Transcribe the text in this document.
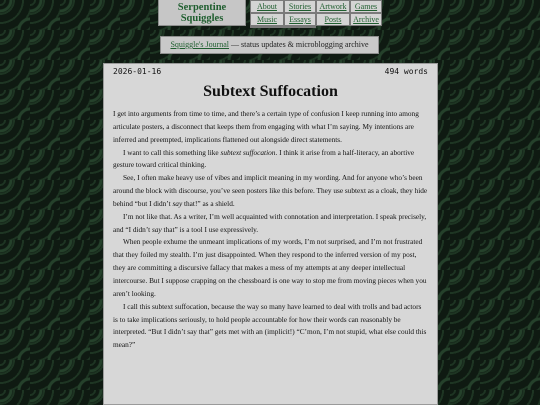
Serpentine
Squiggles
About	Stories	Artwork	Games
Music	Essays	Posts	Archive
Squiggle's Journal — status updates & microblogging archive
2026-01-16	494 words
Subtext Suffocation

I get into arguments from time to time, and there’s a certain type of confusion I keep running into among articulate posters, a disconnect that keeps them from engaging with what I’m saying. My intentions are inferred and preempted, implications flattened out alongside direct statements.

I want to call this something like subtext suffocation. I think it arise from a half-literacy, an abortive gesture toward critical thinking.

See, I often make heavy use of vibes and implicit meaning in my wording. And for anyone who’s been around the block with discourse, you’ve seen posters like this before. They use subtext as a cloak, they hide behind “but I didn’t say that!” as a shield.

I’m not like that. As a writer, I’m well acquainted with connotation and interpretation. I speak precisely, and “I didn’t say that” is a tool I use expressively.

When people exhume the unmeant implications of my words, I’m not surprised, and I’m not frustrated that they foiled my stealth. I’m just disappointed. When they respond to the inferred version of my post, they are committing a discursive fallacy that makes a mess of my attempts at any deeper intellectual intercourse. But I suppose crapping on the chessboard is one way to stop me from moving pieces when you aren’t looking.

I call this subtext suffocation, because the way so many have learned to deal with trolls and bad actors is to take implications seriously, to hold people accountable for how their words can reasonably be interpreted. “But I didn’t say that” gets met with an (implicit!) “C’mon, I’m not stupid, what else could this mean?”
